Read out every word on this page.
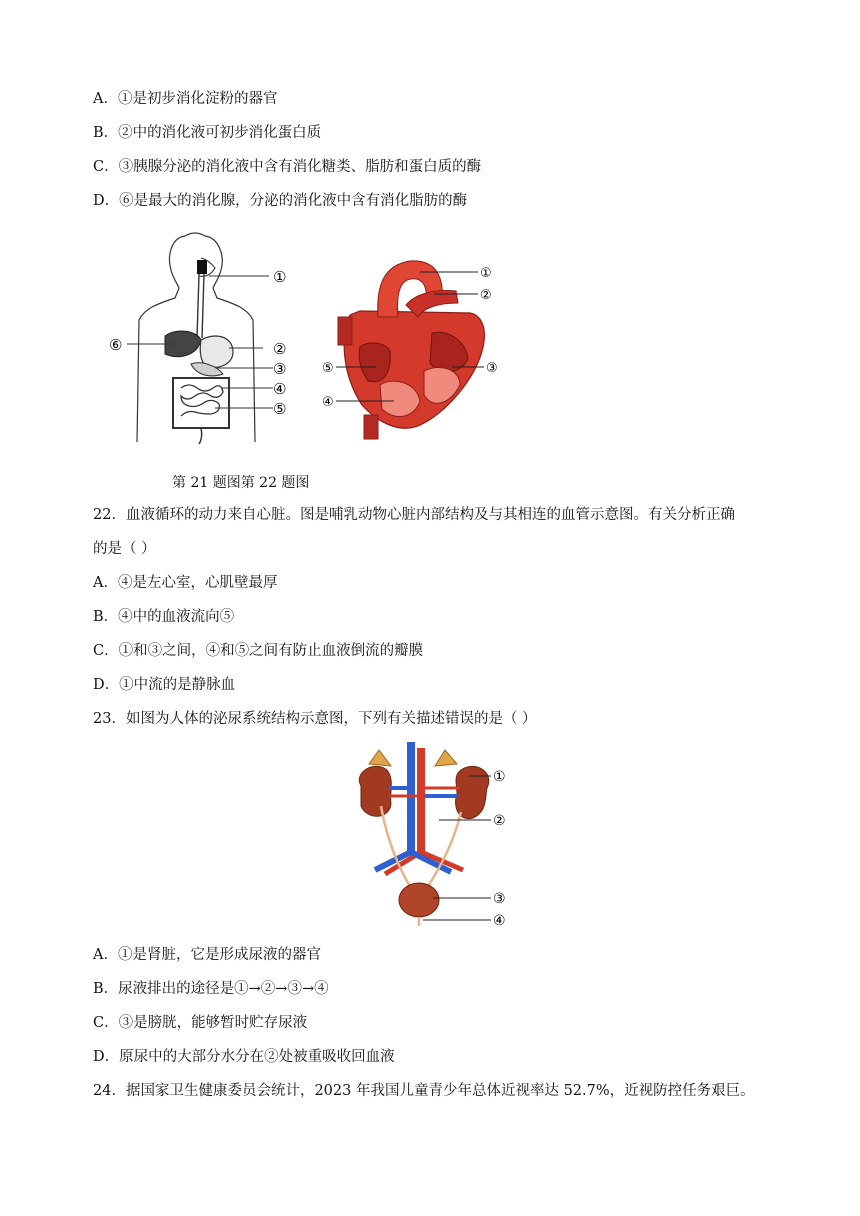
A．①是初步消化淀粉的器官
B．②中的消化液可初步消化蛋白质
C．③胰腺分泌的消化液中含有消化糖类、脂肪和蛋白质的酶
D．⑥是最大的消化腺，分泌的消化液中含有消化脂肪的酶
①
②
③
④
⑤
⑥
①
②
③
④
⑤
第 21 题图第 22 题图
22．血液循环的动力来自心脏。图是哺乳动物心脏内部结构及与其相连的血管示意图。有关分析正确
的是（ ）
A．④是左心室，心肌壁最厚
B．④中的血液流向⑤
C．①和③之间，④和⑤之间有防止血液倒流的瓣膜
D．①中流的是静脉血
23．如图为人体的泌尿系统结构示意图，下列有关描述错误的是（ ）
①
②
③
④
A．①是肾脏，它是形成尿液的器官
B．尿液排出的途径是①→②→③→④
C．③是膀胱，能够暂时贮存尿液
D．原尿中的大部分水分在②处被重吸收回血液
24．据国家卫生健康委员会统计，2023 年我国儿童青少年总体近视率达 52.7%，近视防控任务艰巨。
